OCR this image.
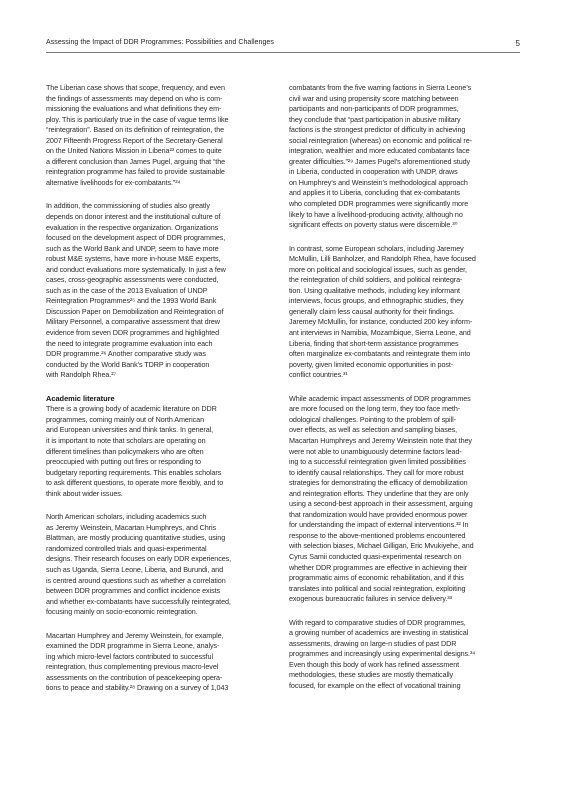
Assessing the Impact of DDR Programmes: Possibilities and Challenges	5

The Liberian case shows that scope, frequency, and even
the findings of assessments may depend on who is com-
missioning the evaluations and what definitions they em-
ploy. This is particularly true in the case of vague terms like
“reintegration”. Based on its definition of reintegration, the
2007 Fifteenth Progress Report of the Secretary-General
on the United Nations Mission in Liberia²³ comes to quite
a different conclusion than James Pugel, arguing that “the
reintegration programme has failed to provide sustainable
alternative livelihoods for ex-combatants.”²⁴

In addition, the commissioning of studies also greatly
depends on donor interest and the institutional culture of
evaluation in the respective organization. Organizations
focused on the development aspect of DDR programmes,
such as the World Bank and UNDP, seem to have more
robust M&E systems, have more in-house M&E experts,
and conduct evaluations more systematically. In just a few
cases, cross-geographic assessments were conducted,
such as in the case of the 2013 Evaluation of UNDP
Reintegration Programmes²⁵ and the 1993 World Bank
Discussion Paper on Demobilization and Reintegration of
Military Personnel, a comparative assessment that drew
evidence from seven DDR programmes and highlighted
the need to integrate programme evaluation into each
DDR programme.²⁶ Another comparative study was
conducted by the World Bank’s TDRP in cooperation
with Randolph Rhea.²⁷

Academic literature

There is a growing body of academic literature on DDR
programmes, coming mainly out of North American
and European universities and think tanks. In general,
it is important to note that scholars are operating on
different timelines than policymakers who are often
preoccupied with putting out fires or responding to
budgetary reporting requirements. This enables scholars
to ask different questions, to operate more flexibly, and to
think about wider issues.

North American scholars, including academics such
as Jeremy Weinstein, Macartan Humphreys, and Chris
Blattman, are mostly producing quantitative studies, using
randomized controlled trials and quasi-experimental
designs. Their research focuses on early DDR experiences,
such as Uganda, Sierra Leone, Liberia, and Burundi, and
is centred around questions such as whether a correlation
between DDR programmes and conflict incidence exists
and whether ex-combatants have successfully reintegrated,
focusing mainly on socio-economic reintegration.

Macartan Humphrey and Jeremy Weinstein, for example,
examined the DDR programme in Sierra Leone, analys-
ing which micro-level factors contributed to successful
reintegration, thus complementing previous macro-level
assessments on the contribution of peacekeeping opera-
tions to peace and stability.²⁸ Drawing on a survey of 1,043

combatants from the five warring factions in Sierra Leone’s
civil war and using propensity score matching between
participants and non-participants of DDR programmes,
they conclude that “past participation in abusive military
factions is the strongest predictor of difficulty in achieving
social reintegration (whereas) on economic and political re-
integration, wealthier and more educated combatants face
greater difficulties.”²⁹ James Pugel’s aforementioned study
in Liberia, conducted in cooperation with UNDP, draws
on Humphrey’s and Weinstein’s methodological approach
and applies it to Liberia, concluding that ex-combatants
who completed DDR programmes were significantly more
likely to have a livelihood-producing activity, although no
significant effects on poverty status were discernible.³⁰

In contrast, some European scholars, including Jaremey
McMullin, Lilli Banholzer, and Randolph Rhea, have focused
more on political and sociological issues, such as gender,
the reintegration of child soldiers, and political reintegra-
tion. Using qualitative methods, including key informant
interviews, focus groups, and ethnographic studies, they
generally claim less causal authority for their findings.
Jaremey McMullin, for instance, conducted 200 key inform-
ant interviews in Namibia, Mozambique, Sierra Leone, and
Liberia, finding that short-term assistance programmes
often marginalize ex-combatants and reintegrate them into
poverty, given limited economic opportunities in post-
conflict countries.³¹

While academic impact assessments of DDR programmes
are more focused on the long term, they too face meth-
odological challenges. Pointing to the problem of spill-
over effects, as well as selection and sampling biases,
Macartan Humphreys and Jeremy Weinstein note that they
were not able to unambiguously determine factors lead-
ing to a successful reintegration given limited possibilities
to identify causal relationships. They call for more robust
strategies for demonstrating the efficacy of demobilization
and reintegration efforts. They underline that they are only
using a second-best approach in their assessment, arguing
that randomization would have provided enormous power
for understanding the impact of external interventions.³² In
response to the above-mentioned problems encountered
with selection biases, Michael Gilligan, Eric Mvukiyehe, and
Cyrus Samii conducted quasi-experimental research on
whether DDR programmes are effective in achieving their
programmatic aims of economic rehabilitation, and if this
translates into political and social reintegration, exploiting
exogenous bureaucratic failures in service delivery.³³

With regard to comparative studies of DDR programmes,
a growing number of academics are investing in statistical
assessments, drawing on large-n studies of past DDR
programmes and increasingly using experimental designs.³⁴
Even though this body of work has refined assessment
methodologies, these studies are mostly thematically
focused, for example on the effect of vocational training
